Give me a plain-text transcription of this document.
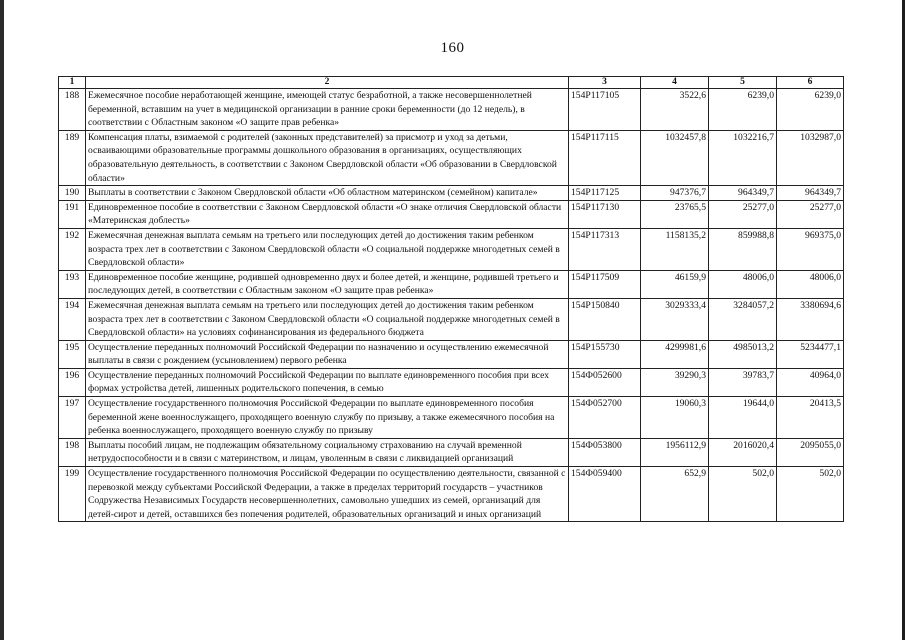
160
1	2	3	4	5	6
188	Ежемесячное пособие неработающей женщине, имеющей статус безработной, а также несовершеннолетней беременной, вставшим на учет в медицинской организации в ранние сроки беременности (до 12 недель), в соответствии с Областным законом «О защите прав ребенка»	154Р117105	3522,6	6239,0	6239,0
189	Компенсация платы, взимаемой с родителей (законных представителей) за присмотр и уход за детьми, осваивающими образовательные программы дошкольного образования в организациях, осуществляющих образовательную деятельность, в соответствии с Законом Свердловской области «Об образовании в Свердловской области»	154Р117115	1032457,8	1032216,7	1032987,0
190	Выплаты в соответствии с Законом Свердловской области «Об областном материнском (семейном) капитале»	154Р117125	947376,7	964349,7	964349,7
191	Единовременное пособие в соответствии с Законом Свердловской области «О знаке отличия Свердловской области «Материнская доблесть»	154Р117130	23765,5	25277,0	25277,0
192	Ежемесячная денежная выплата семьям на третьего или последующих детей до достижения таким ребенком возраста трех лет в соответствии с Законом Свердловской области «О социальной поддержке многодетных семей в Свердловской области»	154Р117313	1158135,2	859988,8	969375,0
193	Единовременное пособие женщине, родившей одновременно двух и более детей, и женщине, родившей третьего и последующих детей, в соответствии с Областным законом «О защите прав ребенка»	154Р117509	46159,9	48006,0	48006,0
194	Ежемесячная денежная выплата семьям на третьего или последующих детей до достижения таким ребенком возраста трех лет в соответствии с Законом Свердловской области «О социальной поддержке многодетных семей в Свердловской области» на условиях софинансирования из федерального бюджета	154Р150840	3029333,4	3284057,2	3380694,6
195	Осуществление переданных полномочий Российской Федерации по назначению и осуществлению ежемесячной выплаты в связи с рождением (усыновлением) первого ребенка	154Р155730	4299981,6	4985013,2	5234477,1
196	Осуществление переданных полномочий Российской Федерации по выплате единовременного пособия при всех формах устройства детей, лишенных родительского попечения, в семью	154Ф052600	39290,3	39783,7	40964,0
197	Осуществление государственного полномочия Российской Федерации по выплате единовременного пособия беременной жене военнослужащего, проходящего военную службу по призыву, а также ежемесячного пособия на ребенка военнослужащего, проходящего военную службу по призыву	154Ф052700	19060,3	19644,0	20413,5
198	Выплаты пособий лицам, не подлежащим обязательному социальному страхованию на случай временной нетрудоспособности и в связи с материнством, и лицам, уволенным в связи с ликвидацией организаций	154Ф053800	1956112,9	2016020,4	2095055,0
199	Осуществление государственного полномочия Российской Федерации по осуществлению деятельности, связанной с перевозкой между субъектами Российской Федерации, а также в пределах территорий государств – участников Содружества Независимых Государств несовершеннолетних, самовольно ушедших из семей, организаций для детей-сирот и детей, оставшихся без попечения родителей, образовательных организаций и иных организаций	154Ф059400	652,9	502,0	502,0
